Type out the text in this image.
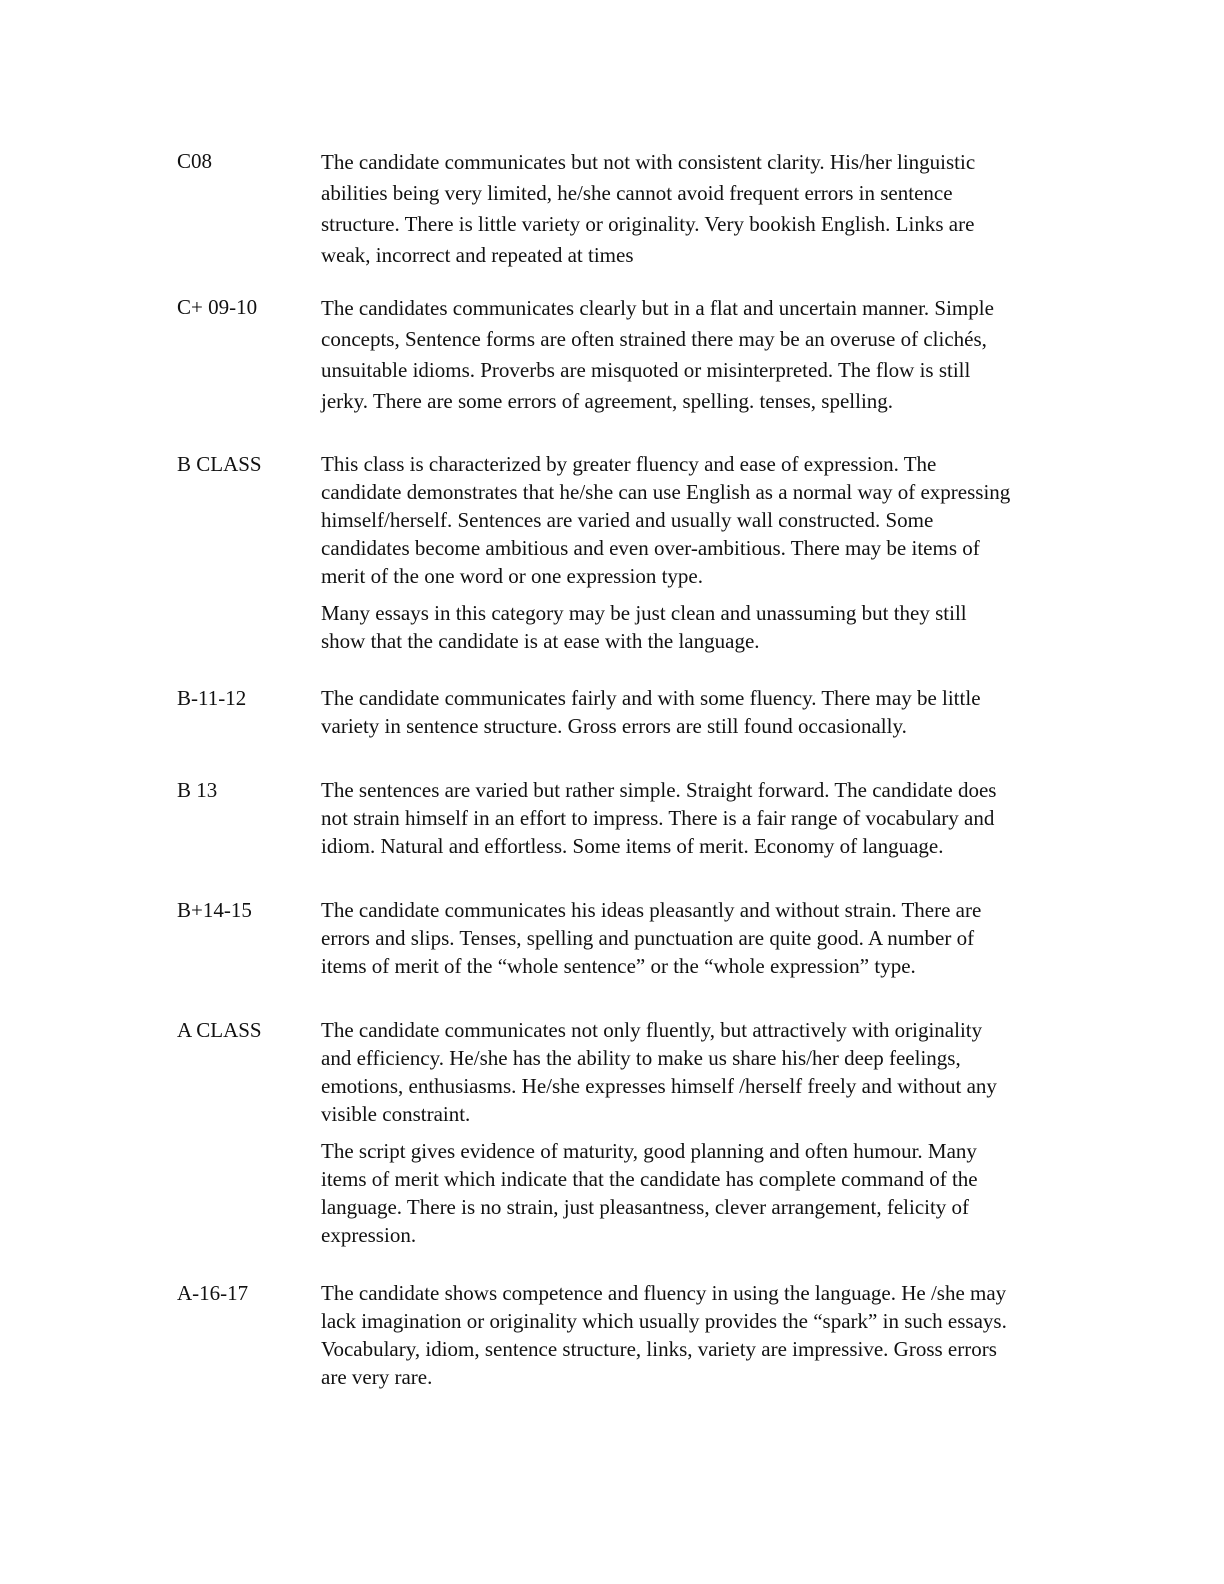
C08	The candidate communicates but not with consistent clarity. His/her linguistic
abilities being very limited, he/she cannot avoid frequent errors in sentence
structure. There is little variety or originality. Very bookish English. Links are
weak, incorrect and repeated at times
C+ 09-10	The candidates communicates clearly but in a flat and uncertain manner. Simple
concepts, Sentence forms are often strained there may be an overuse of clichés,
unsuitable idioms. Proverbs are misquoted or misinterpreted. The flow is still
jerky. There are some errors of agreement, spelling. tenses, spelling.
B CLASS	This class is characterized by greater fluency and ease of expression. The
candidate demonstrates that he/she can use English as a normal way of expressing
himself/herself. Sentences are varied and usually wall constructed. Some
candidates become ambitious and even over-ambitious. There may be items of
merit of the one word or one expression type.
Many essays in this category may be just clean and unassuming but they still
show that the candidate is at ease with the language.
B-11-12	The candidate communicates fairly and with some fluency. There may be little
variety in sentence structure. Gross errors are still found occasionally.
B 13	The sentences are varied but rather simple. Straight forward. The candidate does
not strain himself in an effort to impress. There is a fair range of vocabulary and
idiom. Natural and effortless. Some items of merit. Economy of language.
B+14-15	The candidate communicates his ideas pleasantly and without strain. There are
errors and slips. Tenses, spelling and punctuation are quite good. A number of
items of merit of the “whole sentence” or the “whole expression” type.
A CLASS	The candidate communicates not only fluently, but attractively with originality
and efficiency. He/she has the ability to make us share his/her deep feelings,
emotions, enthusiasms. He/she expresses himself /herself freely and without any
visible constraint.
The script gives evidence of maturity, good planning and often humour. Many
items of merit which indicate that the candidate has complete command of the
language. There is no strain, just pleasantness, clever arrangement, felicity of
expression.
A-16-17	The candidate shows competence and fluency in using the language. He /she may
lack imagination or originality which usually provides the “spark” in such essays.
Vocabulary, idiom, sentence structure, links, variety are impressive. Gross errors
are very rare.
